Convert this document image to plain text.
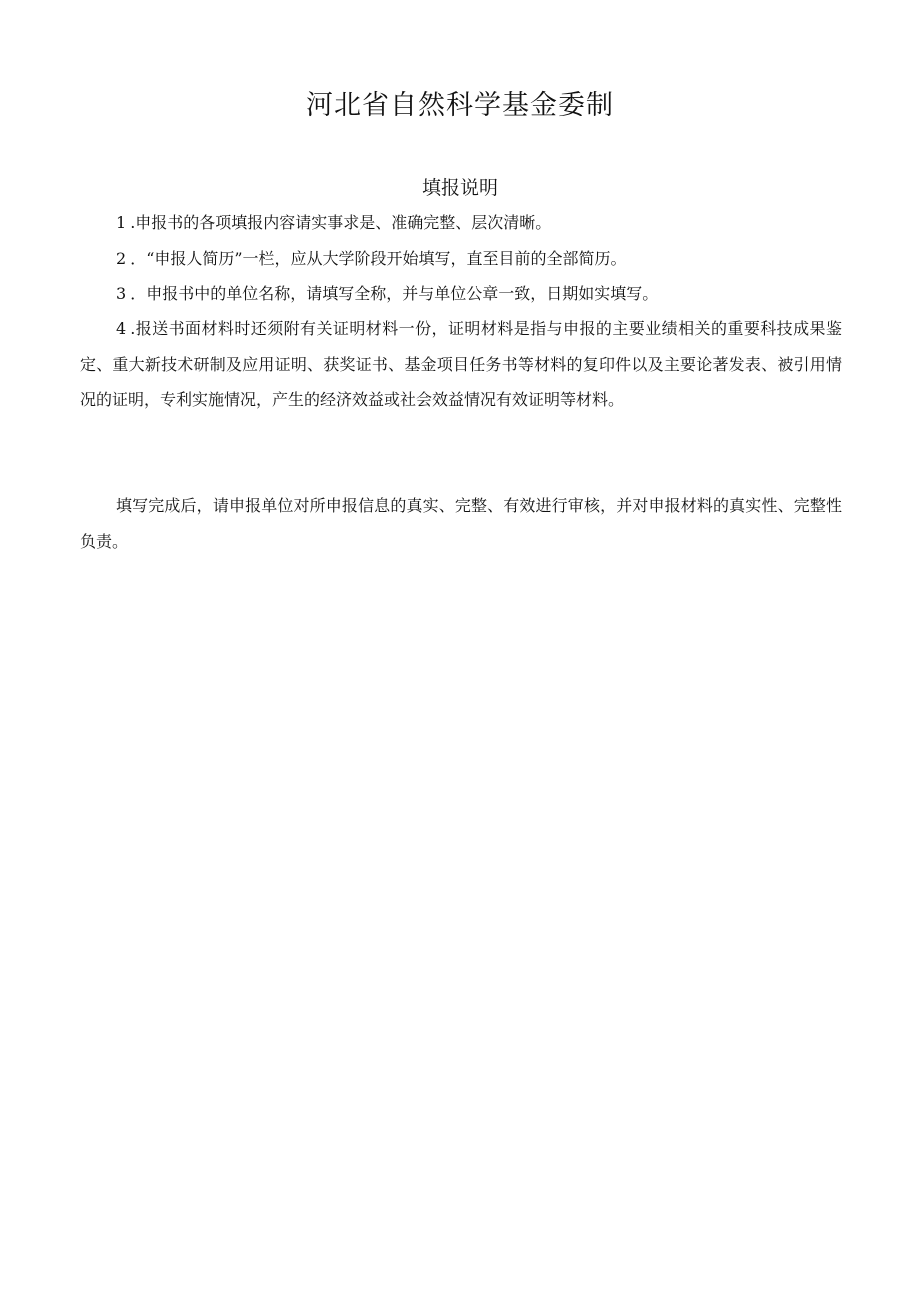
河北省自然科学基金委制
填报说明
1 .申报书的各项填报内容请实事求是、准确完整、层次清晰。
2 ．“申报人简历”一栏，应从大学阶段开始填写，直至目前的全部简历。
3 ．申报书中的单位名称，请填写全称，并与单位公章一致，日期如实填写。
4 .报送书面材料时还须附有关证明材料一份，证明材料是指与申报的主要业绩相关的重要科技成果鉴定、重大新技术研制及应用证明、获奖证书、基金项目任务书等材料的复印件以及主要论著发表、被引用情况的证明，专利实施情况，产生的经济效益或社会效益情况有效证明等材料。
填写完成后，请申报单位对所申报信息的真实、完整、有效进行审核，并对申报材料的真实性、完整性负责。
